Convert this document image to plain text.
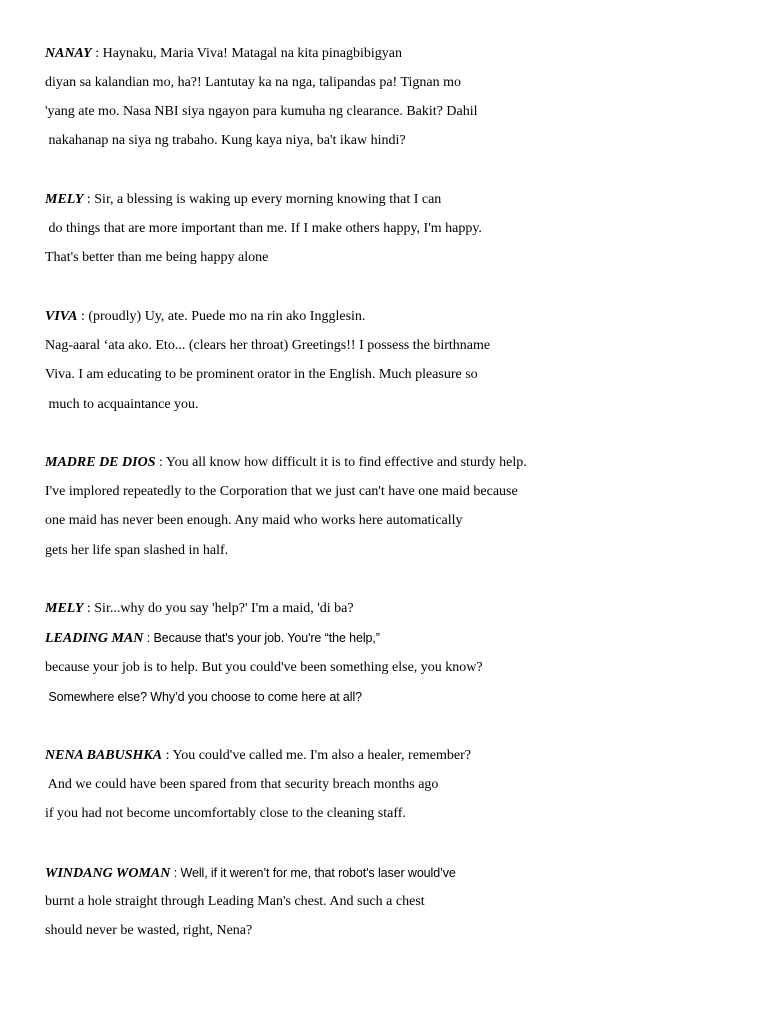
NANAY : Haynaku, Maria Viva! Matagal na kita pinagbibigyan
diyan sa kalandian mo, ha?! Lantutay ka na nga, talipandas pa! Tignan mo
'yang ate mo. Nasa NBI siya ngayon para kumuha ng clearance. Bakit? Dahil
nakahanap na siya ng trabaho. Kung kaya niya, ba't ikaw hindi?
MELY : Sir, a blessing is waking up every morning knowing that I can
do things that are more important than me. If I make others happy, I'm happy.
That's better than me being happy alone
VIVA : (proudly) Uy, ate. Puede mo na rin ako Ingglesin.
Nag-aaral ‘ata ako. Eto... (clears her throat) Greetings!! I possess the birthname
Viva. I am educating to be prominent orator in the English. Much pleasure so
much to acquaintance you.
MADRE DE DIOS : You all know how difficult it is to find effective and sturdy help.
I've implored repeatedly to the Corporation that we just can't have one maid because
one maid has never been enough. Any maid who works here automatically
gets her life span slashed in half.
MELY : Sir...why do you say 'help?' I'm a maid, 'di ba?
LEADING MAN : Because that's your job. You're “the help,”
because your job is to help. But you could've been something else, you know?
Somewhere else? Why’d you choose to come here at all?
NENA BABUSHKA : You could've called me. I'm also a healer, remember?
And we could have been spared from that security breach months ago
if you had not become uncomfortably close to the cleaning staff.
WINDANG WOMAN : Well, if it weren’t for me, that robot's laser would’ve
burnt a hole straight through Leading Man's chest. And such a chest
should never be wasted, right, Nena?
